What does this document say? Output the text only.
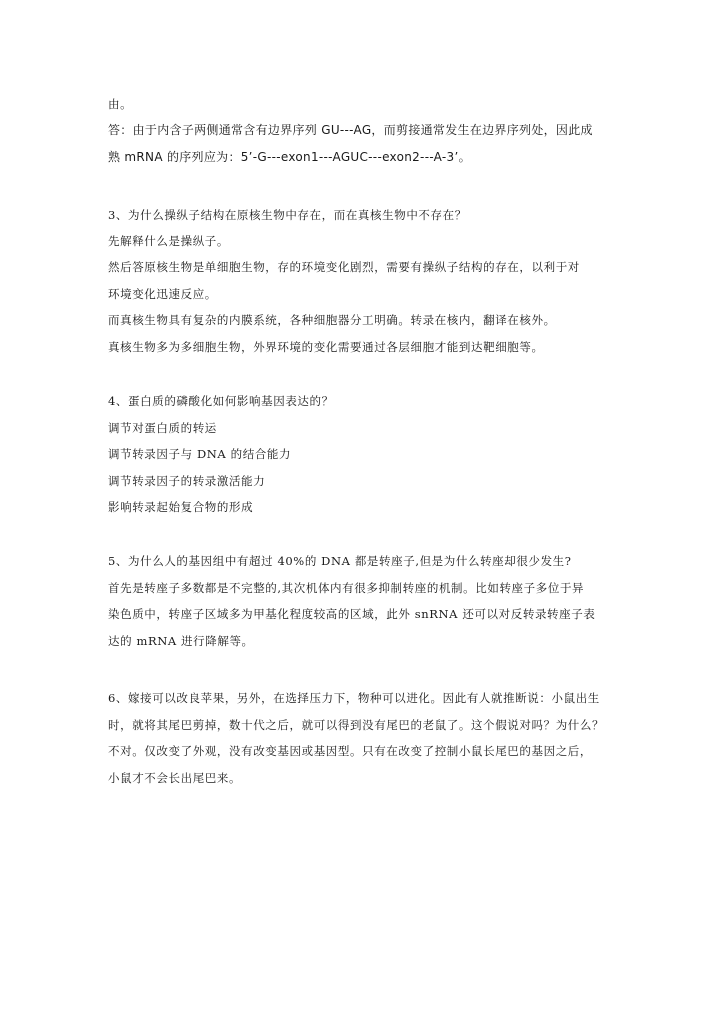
由。
答：由于内含子两侧通常含有边界序列 GU---AG，而剪接通常发生在边界序列处，因此成
熟 mRNA 的序列应为：5’-G---exon1---AGUC---exon2---A-3’。
3、为什么操纵子结构在原核生物中存在，而在真核生物中不存在？
先解释什么是操纵子。
然后答原核生物是单细胞生物，存的环境变化剧烈，需要有操纵子结构的存在，以利于对
环境变化迅速反应。
而真核生物具有复杂的内膜系统，各种细胞器分工明确。转录在核内，翻译在核外。
真核生物多为多细胞生物，外界环境的变化需要通过各层细胞才能到达靶细胞等。
4、蛋白质的磷酸化如何影响基因表达的？
调节对蛋白质的转运
调节转录因子与 DNA 的结合能力
调节转录因子的转录激活能力
影响转录起始复合物的形成
5、为什么人的基因组中有超过 40%的 DNA 都是转座子,但是为什么转座却很少发生?
首先是转座子多数都是不完整的,其次机体内有很多抑制转座的机制。比如转座子多位于异
染色质中，转座子区域多为甲基化程度较高的区域，此外 snRNA 还可以对反转录转座子表
达的 mRNA 进行降解等。
6、嫁接可以改良苹果，另外，在选择压力下，物种可以进化。因此有人就推断说：小鼠出生
时，就将其尾巴剪掉，数十代之后，就可以得到没有尾巴的老鼠了。这个假说对吗？为什么？
不对。仅改变了外观，没有改变基因或基因型。只有在改变了控制小鼠长尾巴的基因之后，
小鼠才不会长出尾巴来。
